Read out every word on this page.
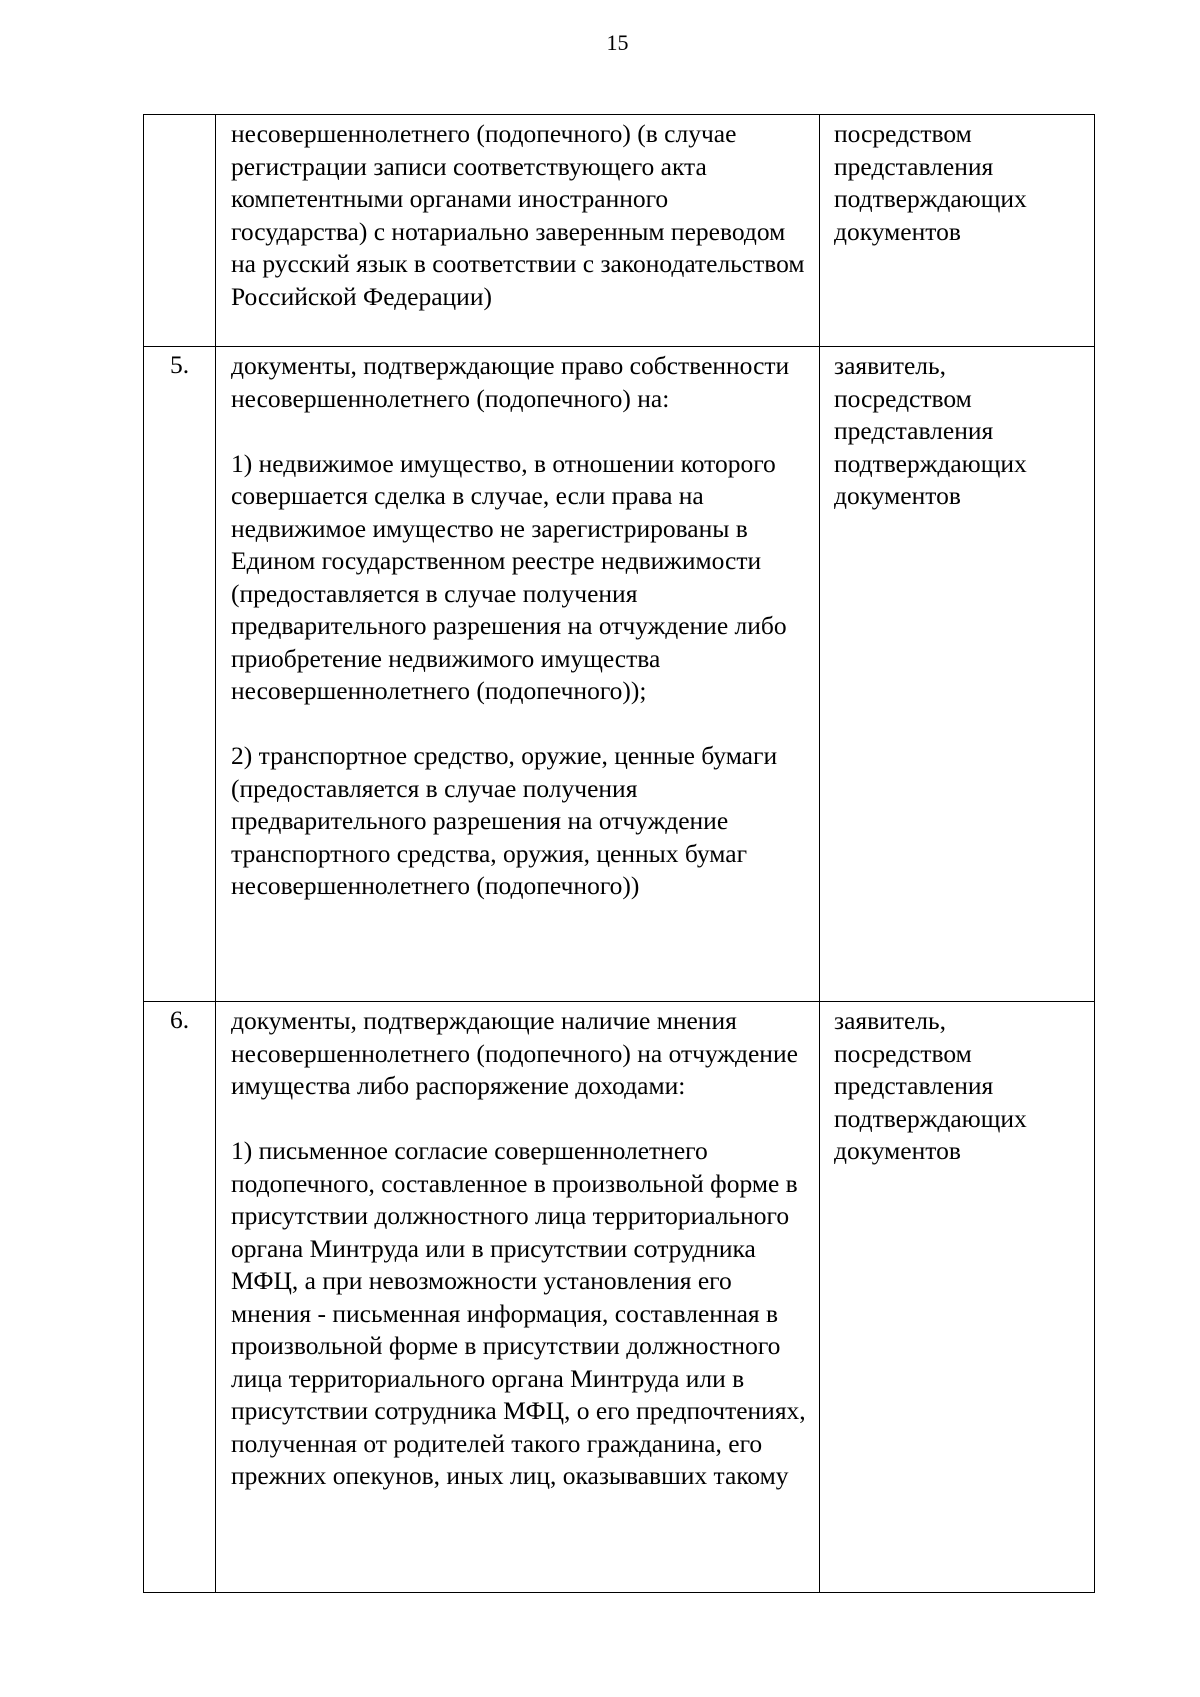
15

	несовершеннолетнего (подопечного) (в случае регистрации записи соответствующего акта компетентными органами иностранного государства) с нотариально заверенным переводом на русский язык в соответствии с законодательством Российской Федерации)	посредством представления подтверждающих документов

5.	документы, подтверждающие право собственности несовершеннолетнего (подопечного) на:

1) недвижимое имущество, в отношении которого совершается сделка в случае, если права на недвижимое имущество не зарегистрированы в Едином государственном реестре недвижимости (предоставляется в случае получения предварительного разрешения на отчуждение либо приобретение недвижимого имущества несовершеннолетнего (подопечного));

2) транспортное средство, оружие, ценные бумаги (предоставляется в случае получения предварительного разрешения на отчуждение транспортного средства, оружия, ценных бумаг несовершеннолетнего (подопечного))	заявитель, посредством представления подтверждающих документов

6.	документы, подтверждающие наличие мнения несовершеннолетнего (подопечного) на отчуждение имущества либо распоряжение доходами:

1) письменное согласие совершеннолетнего подопечного, составленное в произвольной форме в присутствии должностного лица территориального органа Минтруда или в присутствии сотрудника МФЦ, а при невозможности установления его мнения - письменная информация, составленная в произвольной форме в присутствии должностного лица территориального органа Минтруда или в присутствии сотрудника МФЦ, о его предпочтениях, полученная от родителей такого гражданина, его прежних опекунов, иных лиц, оказывавших такому	заявитель, посредством представления подтверждающих документов
